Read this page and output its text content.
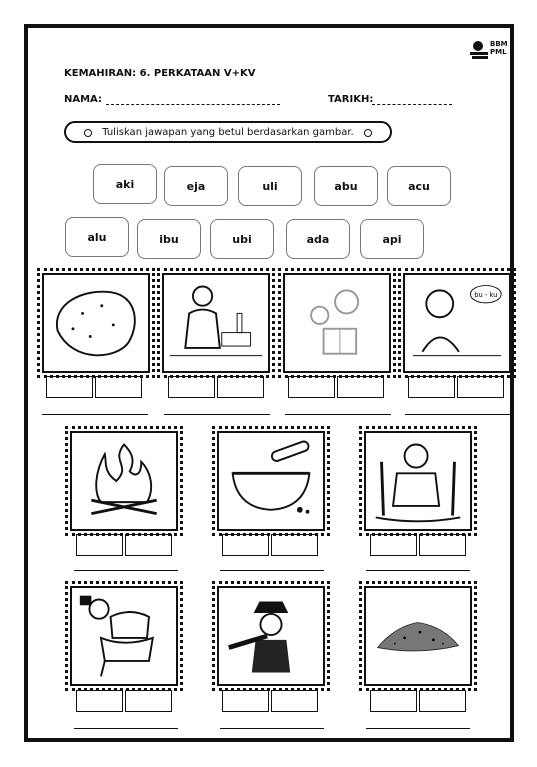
BBM
PML
KEMAHIRAN: 6. PERKATAAN V+KV
NAMA:	TARIKH:
Tuliskan jawapan yang betul berdasarkan gambar.
aki	eja	uli	abu	acu
alu	ibu	ubi	ada	api
bu - ku
